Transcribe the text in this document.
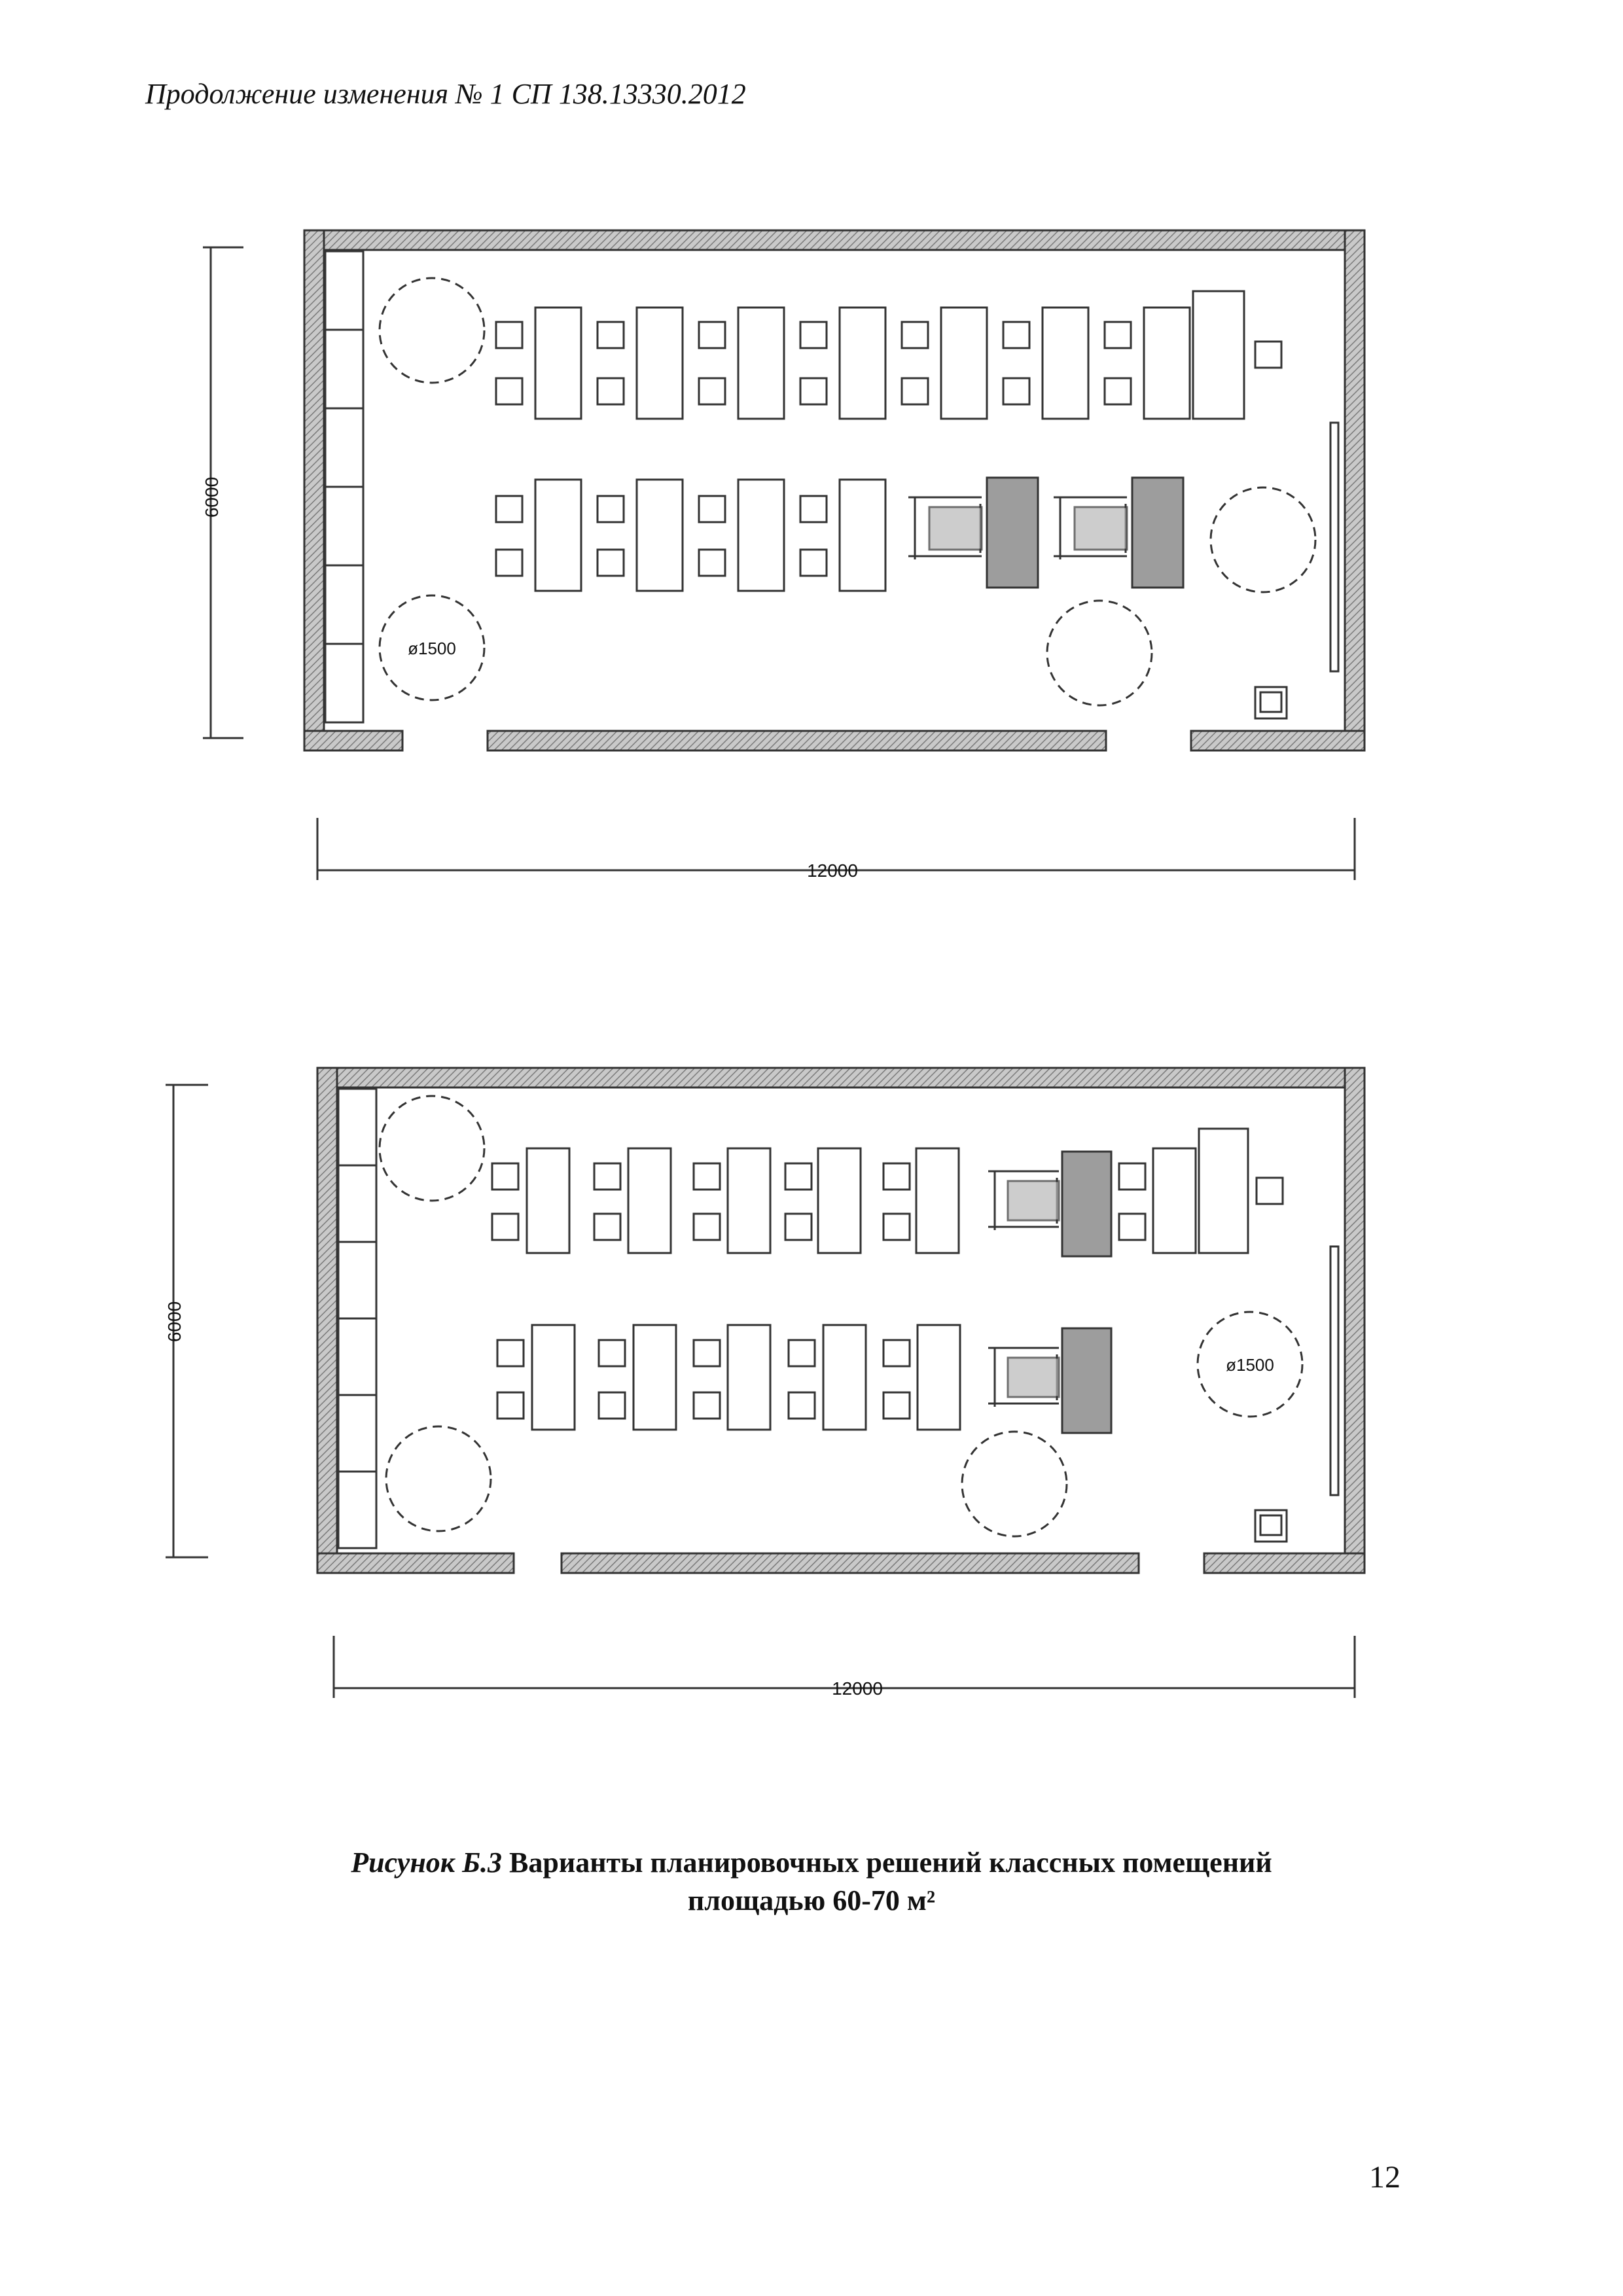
Продолжение изменения № 1 СП 138.13330.2012
ø1500
6000
12000
ø1500
6000
12000
Рисунок Б.3 Варианты планировочных решений классных помещений
площадью 60-70 м²
12
